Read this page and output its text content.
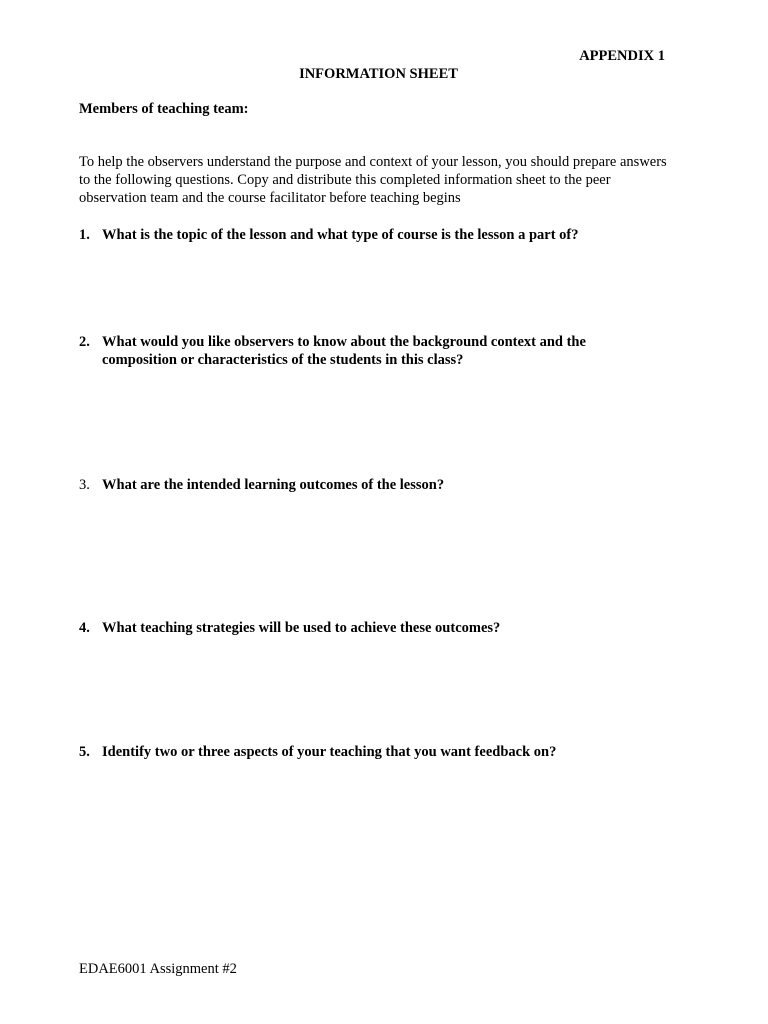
APPENDIX 1
INFORMATION SHEET
Members of teaching team:
To help the observers understand the purpose and context of your lesson, you should prepare answers to the following questions. Copy and distribute this completed information sheet to the peer observation team and the course facilitator before teaching begins
1. What is the topic of the lesson and what type of course is the lesson a part of?
2. What would you like observers to know about the background context and the composition or characteristics of the students in this class?
3. What are the intended learning outcomes of the lesson?
4. What teaching strategies will be used to achieve these outcomes?
5. Identify two or three aspects of your teaching that you want feedback on?
EDAE6001 Assignment #2
